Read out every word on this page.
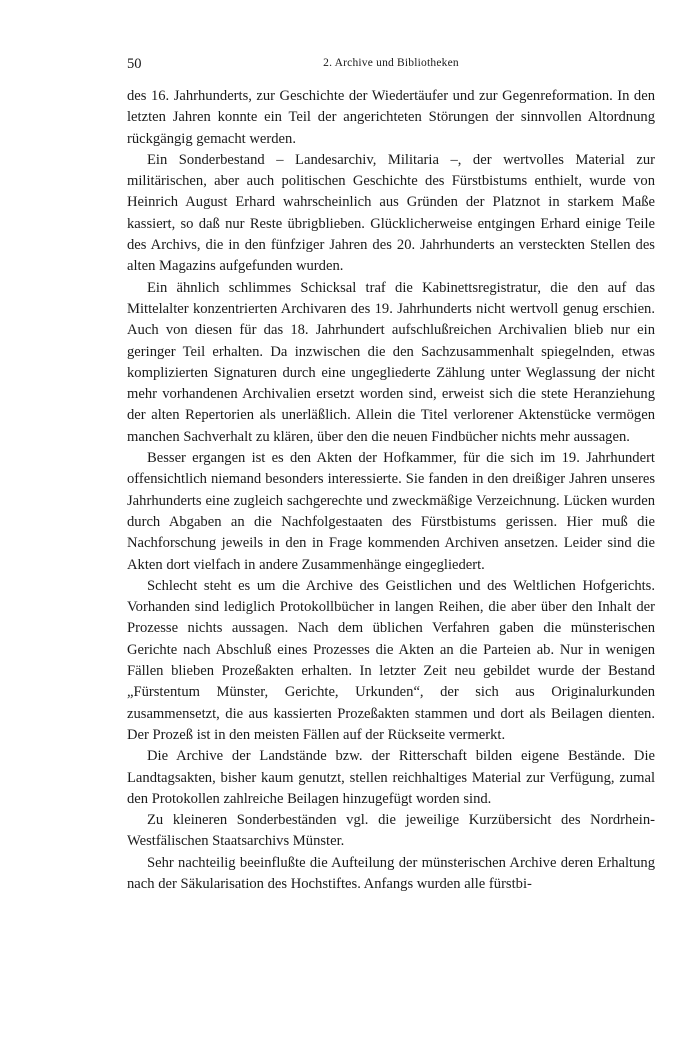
50	2. Archive und Bibliotheken

des 16. Jahrhunderts, zur Geschichte der Wiedertäufer und zur Gegenreformation. In den letzten Jahren konnte ein Teil der angerichteten Störungen der sinnvollen Altordnung rückgängig gemacht werden.

Ein Sonderbestand – Landesarchiv, Militaria –, der wertvolles Material zur militärischen, aber auch politischen Geschichte des Fürstbistums enthielt, wurde von Heinrich August Erhard wahrscheinlich aus Gründen der Platznot in starkem Maße kassiert, so daß nur Reste übrigblieben. Glücklicherweise entgingen Erhard einige Teile des Archivs, die in den fünfziger Jahren des 20. Jahrhunderts an versteckten Stellen des alten Magazins aufgefunden wurden.

Ein ähnlich schlimmes Schicksal traf die Kabinettsregistratur, die den auf das Mittelalter konzentrierten Archivaren des 19. Jahrhunderts nicht wertvoll genug erschien. Auch von diesen für das 18. Jahrhundert aufschlußreichen Archivalien blieb nur ein geringer Teil erhalten. Da inzwischen die den Sachzusammenhalt spiegelnden, etwas komplizierten Signaturen durch eine ungegliederte Zählung unter Weglassung der nicht mehr vorhandenen Archivalien ersetzt worden sind, erweist sich die stete Heranziehung der alten Repertorien als unerläßlich. Allein die Titel verlorener Aktenstücke vermögen manchen Sachverhalt zu klären, über den die neuen Findbücher nichts mehr aussagen.

Besser ergangen ist es den Akten der Hofkammer, für die sich im 19. Jahrhundert offensichtlich niemand besonders interessierte. Sie fanden in den dreißiger Jahren unseres Jahrhunderts eine zugleich sachgerechte und zweckmäßige Verzeichnung. Lücken wurden durch Abgaben an die Nachfolgestaaten des Fürstbistums gerissen. Hier muß die Nachforschung jeweils in den in Frage kommenden Archiven ansetzen. Leider sind die Akten dort vielfach in andere Zusammenhänge eingegliedert.

Schlecht steht es um die Archive des Geistlichen und des Weltlichen Hofgerichts. Vorhanden sind lediglich Protokollbücher in langen Reihen, die aber über den Inhalt der Prozesse nichts aussagen. Nach dem üblichen Verfahren gaben die münsterischen Gerichte nach Abschluß eines Prozesses die Akten an die Parteien ab. Nur in wenigen Fällen blieben Prozeßakten erhalten. In letzter Zeit neu gebildet wurde der Bestand „Fürstentum Münster, Gerichte, Urkunden“, der sich aus Originalurkunden zusammensetzt, die aus kassierten Prozeßakten stammen und dort als Beilagen dienten. Der Prozeß ist in den meisten Fällen auf der Rückseite vermerkt.

Die Archive der Landstände bzw. der Ritterschaft bilden eigene Bestände. Die Landtagsakten, bisher kaum genutzt, stellen reichhaltiges Material zur Verfügung, zumal den Protokollen zahlreiche Beilagen hinzugefügt worden sind.

Zu kleineren Sonderbeständen vgl. die jeweilige Kurzübersicht des Nordrhein-Westfälischen Staatsarchivs Münster.

Sehr nachteilig beeinflußte die Aufteilung der münsterischen Archive deren Erhaltung nach der Säkularisation des Hochstiftes. Anfangs wurden alle fürstbi-
